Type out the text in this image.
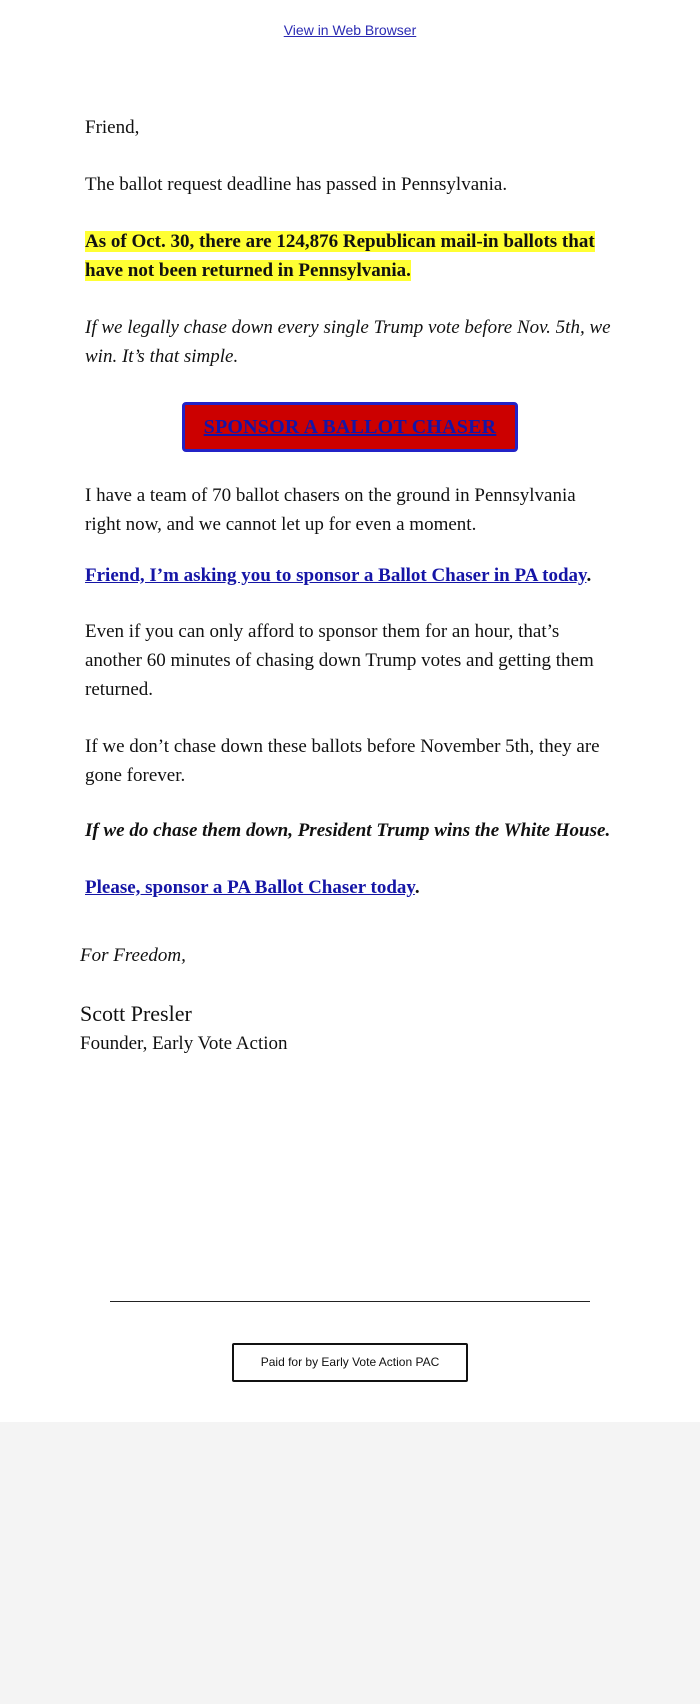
View in Web Browser

Friend,

The ballot request deadline has passed in Pennsylvania.

As of Oct. 30, there are 124,876 Republican mail-in ballots that have not been returned in Pennsylvania.

If we legally chase down every single Trump vote before Nov. 5th, we win. It’s that simple.

SPONSOR A BALLOT CHASER

I have a team of 70 ballot chasers on the ground in Pennsylvania right now, and we cannot let up for even a moment.

Friend, I’m asking you to sponsor a Ballot Chaser in PA today.

Even if you can only afford to sponsor them for an hour, that’s another 60 minutes of chasing down Trump votes and getting them returned.

If we don’t chase down these ballots before November 5th, they are gone forever.

If we do chase them down, President Trump wins the White House.

Please, sponsor a PA Ballot Chaser today.

For Freedom,
Scott Presler
Founder, Early Vote Action
Paid for by Early Vote Action PAC
